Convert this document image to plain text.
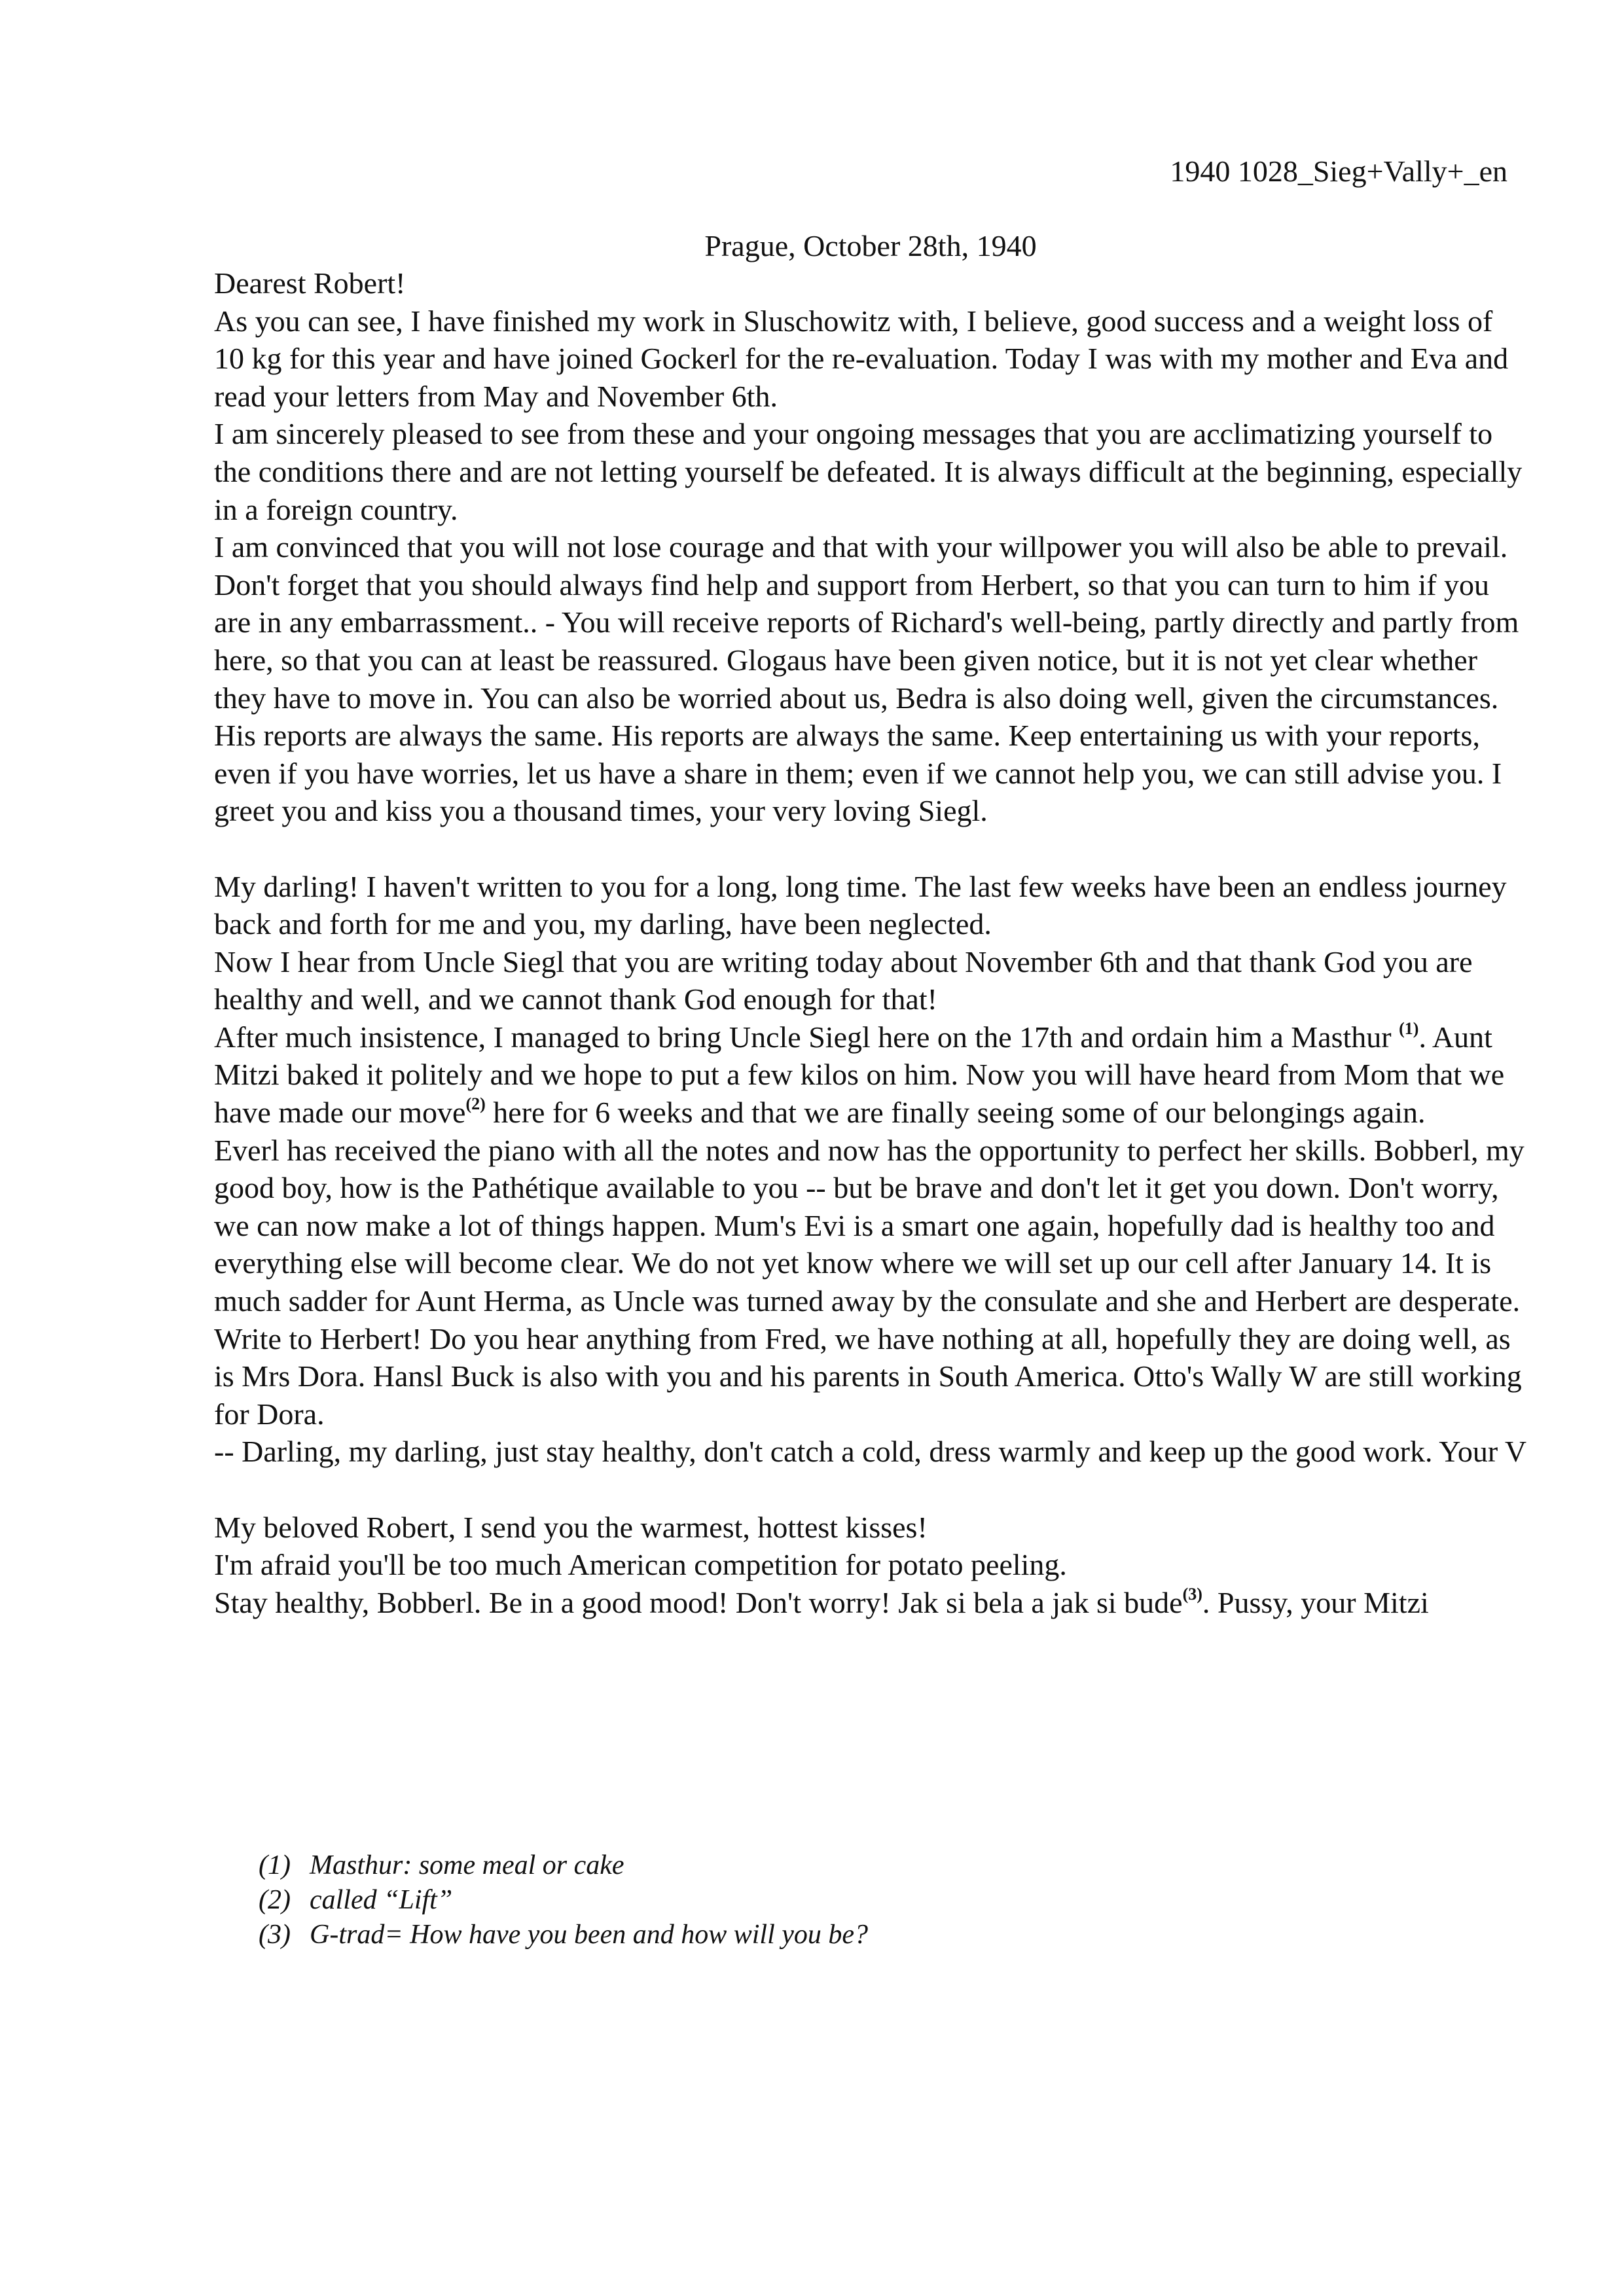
1940 1028_Sieg+Vally+_en
Prague, October 28th, 1940

Dearest Robert!

As you can see, I have finished my work in Sluschowitz with, I believe, good success and a weight loss of 10 kg for this year and have joined Gockerl for the re-evaluation. Today I was with my mother and Eva and read your letters from May and November 6th.

I am sincerely pleased to see from these and your ongoing messages that you are acclimatizing yourself to the conditions there and are not letting yourself be defeated. It is always difficult at the beginning, especially in a foreign country.

I am convinced that you will not lose courage and that with your willpower you will also be able to prevail. Don't forget that you should always find help and support from Herbert, so that you can turn to him if you are in any embarrassment.. - You will receive reports of Richard's well-being, partly directly and partly from here, so that you can at least be reassured. Glogaus have been given notice, but it is not yet clear whether they have to move in. You can also be worried about us, Bedra is also doing well, given the circumstances. His reports are always the same. His reports are always the same. Keep entertaining us with your reports, even if you have worries, let us have a share in them; even if we cannot help you, we can still advise you. I greet you and kiss you a thousand times, your very loving Siegl.

My darling! I haven't written to you for a long, long time. The last few weeks have been an endless journey back and forth for me and you, my darling, have been neglected.

Now I hear from Uncle Siegl that you are writing today about November 6th and that thank God you are healthy and well, and we cannot thank God enough for that!

After much insistence, I managed to bring Uncle Siegl here on the 17th and ordain him a Masthur $^{(1)}$. Aunt Mitzi baked it politely and we hope to put a few kilos on him. Now you will have heard from Mom that we have made our move$^{(2)}$ here for 6 weeks and that we are finally seeing some of our belongings again.

Everl has received the piano with all the notes and now has the opportunity to perfect her skills. Bobberl, my good boy, how is the Pathétique available to you -- but be brave and don't let it get you down. Don't worry, we can now make a lot of things happen. Mum's Evi is a smart one again, hopefully dad is healthy too and everything else will become clear. We do not yet know where we will set up our cell after January 14. It is much sadder for Aunt Herma, as Uncle was turned away by the consulate and she and Herbert are desperate. Write to Herbert! Do you hear anything from Fred, we have nothing at all, hopefully they are doing well, as is Mrs Dora. Hansl Buck is also with you and his parents in South America. Otto's Wally W are still working for Dora.

-- Darling, my darling, just stay healthy, don't catch a cold, dress warmly and keep up the good work. Your V

My beloved Robert, I send you the warmest, hottest kisses!

I'm afraid you'll be too much American competition for potato peeling.

Stay healthy, Bobberl. Be in a good mood! Don't worry! Jak si bela a jak si bude$^{(3)}$. Pussy, your Mitzi

(1) Masthur: some meal or cake
(2) called “Lift”
(3) G-trad= How have you been and how will you be?
